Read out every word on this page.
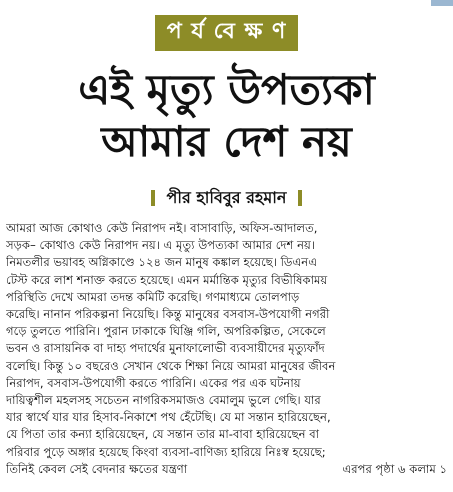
প র্য বে ক্ষ ণ
এই মৃত্যু উপত্যকা
আমার দেশ নয়
পীর হাবিবুর রহমান
আমরা আজ কোথাও কেউ নিরাপদ নই। বাসাবাড়ি, অফিস-আদালত,
সড়ক– কোথাও কেউ নিরাপদ নয়। এ মৃত্যু উপত্যকা আমার দেশ নয়।
নিমতলীর ভয়াবহ অগ্নিকাণ্ডে ১২৪ জন মানুষ কঙ্কাল হয়েছে। ডিএনএ
টেস্ট করে লাশ শনাক্ত করতে হয়েছে। এমন মর্মান্তিক মৃত্যুর বিভীষিকাময়
পরিস্থিতি দেখে আমরা তদন্ত কমিটি করেছি। গণমাধ্যমে তোলপাড়
করেছি। নানান পরিকল্পনা নিয়েছি। কিন্তু মানুষের বসবাস-উপযোগী নগরী
গড়ে তুলতে পারিনি। পুরান ঢাকাকে ঘিঞ্জি গলি, অপরিকল্পিত, সেকেলে
ভবন ও রাসায়নিক বা দাহ্য পদার্থের মুনাফালোভী ব্যবসায়ীদের মৃত্যুফাঁদ
বলেছি। কিন্তু ১০ বছরেও সেখান থেকে শিক্ষা নিয়ে আমরা মানুষের জীবন
নিরাপদ, বসবাস-উপযোগী করতে পারিনি। একের পর এক ঘটনায়
দায়িত্বশীল মহলসহ সচেতন নাগরিকসমাজও বেমালুম ভুলে গেছি। যার
যার স্বার্থে যার যার হিসাব-নিকাশে পথ হেঁটেছি। যে মা সন্তান হারিয়েছেন,
যে পিতা তার কন্যা হারিয়েছেন, যে সন্তান তার মা-বাবা হারিয়েছেন বা
পরিবার পুড়ে অঙ্গার হয়েছে কিংবা ব্যবসা-বাণিজ্য হারিয়ে নিঃস্ব হয়েছে;
তিনিই কেবল সেই বেদনার ক্ষতের যন্ত্রণা	এরপর পৃষ্ঠা ৬ কলাম ১
